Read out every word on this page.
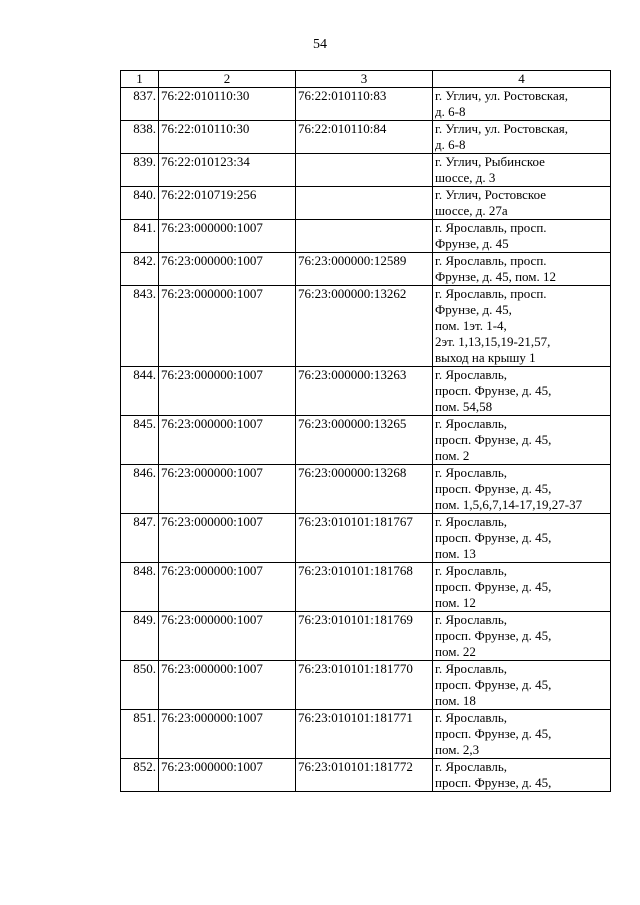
54
1	2	3	4
837.	76:22:010110:30	76:22:010110:83	г. Углич, ул. Ростовская,
д. 6-8
838.	76:22:010110:30	76:22:010110:84	г. Углич, ул. Ростовская,
д. 6-8
839.	76:22:010123:34		г. Углич, Рыбинское
шоссе, д. 3
840.	76:22:010719:256		г. Углич, Ростовское
шоссе, д. 27а
841.	76:23:000000:1007		г. Ярославль, просп.
Фрунзе, д. 45
842.	76:23:000000:1007	76:23:000000:12589	г. Ярославль, просп.
Фрунзе, д. 45, пом. 12
843.	76:23:000000:1007	76:23:000000:13262	г. Ярославль, просп.
Фрунзе, д. 45,
пом. 1эт. 1-4,
2эт. 1,13,15,19-21,57,
выход на крышу 1
844.	76:23:000000:1007	76:23:000000:13263	г. Ярославль,
просп. Фрунзе, д. 45,
пом. 54,58
845.	76:23:000000:1007	76:23:000000:13265	г. Ярославль,
просп. Фрунзе, д. 45,
пом. 2
846.	76:23:000000:1007	76:23:000000:13268	г. Ярославль,
просп. Фрунзе, д. 45,
пом. 1,5,6,7,14-17,19,27-37
847.	76:23:000000:1007	76:23:010101:181767	г. Ярославль,
просп. Фрунзе, д. 45,
пом. 13
848.	76:23:000000:1007	76:23:010101:181768	г. Ярославль,
просп. Фрунзе, д. 45,
пом. 12
849.	76:23:000000:1007	76:23:010101:181769	г. Ярославль,
просп. Фрунзе, д. 45,
пом. 22
850.	76:23:000000:1007	76:23:010101:181770	г. Ярославль,
просп. Фрунзе, д. 45,
пом. 18
851.	76:23:000000:1007	76:23:010101:181771	г. Ярославль,
просп. Фрунзе, д. 45,
пом. 2,3
852.	76:23:000000:1007	76:23:010101:181772	г. Ярославль,
просп. Фрунзе, д. 45,
